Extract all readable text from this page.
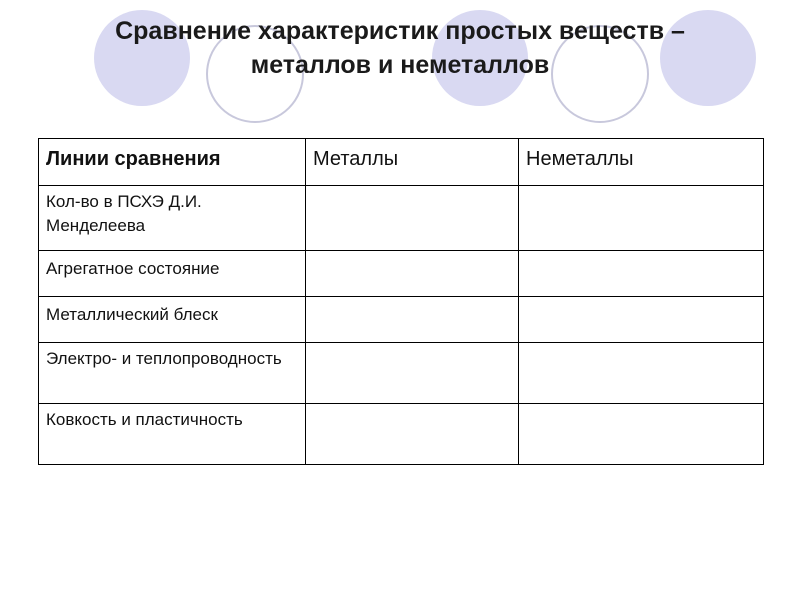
Сравнение характеристик простых веществ –
металлов и неметаллов
Линии сравнения	Металлы	Неметаллы
Кол-во в ПСХЭ Д.И. Менделеева		
Агрегатное состояние		
Металлический блеск		
Электро- и теплопроводность		
Ковкость и пластичность		
